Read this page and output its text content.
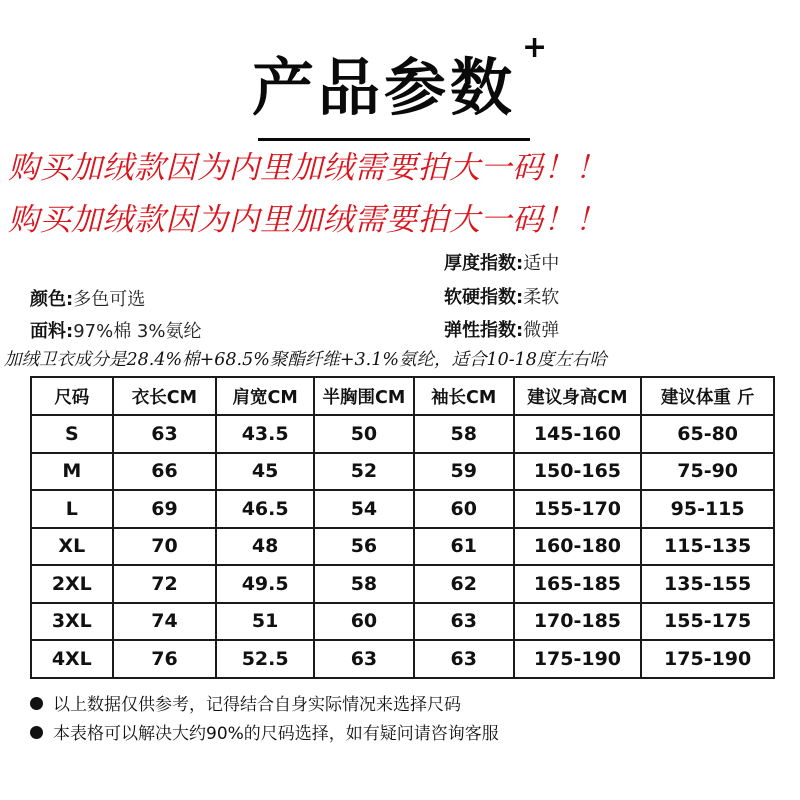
产品参数
+
购买加绒款因为内里加绒需要拍大一码！！
购买加绒款因为内里加绒需要拍大一码！！
颜色:多色可选
面料:97%棉 3%氨纶
厚度指数:适中
软硬指数:柔软
弹性指数:微弹
加绒卫衣成分是28.4%棉+68.5%聚酯纤维+3.1%氨纶，适合10-18度左右哈
尺码	衣长CM	肩宽CM	半胸围CM	袖长CM	建议身高CM	建议体重 斤
S	63	43.5	50	58	145-160	65-80
M	66	45	52	59	150-165	75-90
L	69	46.5	54	60	155-170	95-115
XL	70	48	56	61	160-180	115-135
2XL	72	49.5	58	62	165-185	135-155
3XL	74	51	60	63	170-185	155-175
4XL	76	52.5	63	63	175-190	175-190
以上数据仅供参考，记得结合自身实际情况来选择尺码
本表格可以解决大约90%的尺码选择，如有疑问请咨询客服
